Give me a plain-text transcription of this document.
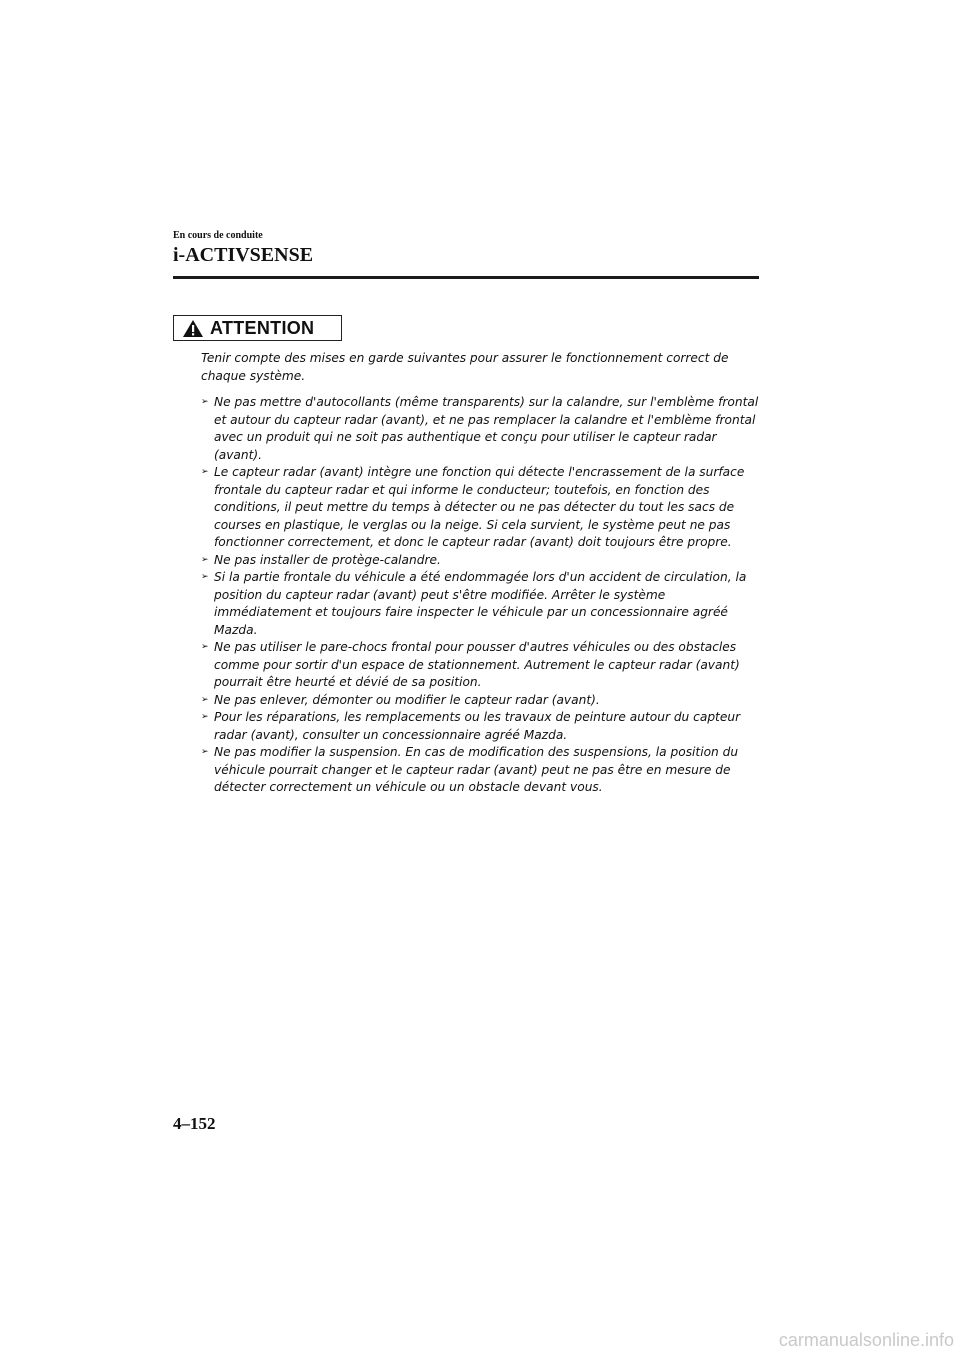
En cours de conduite
i-ACTIVSENSE
ATTENTION

Tenir compte des mises en garde suivantes pour assurer le fonctionnement correct de chaque système.

➢ Ne pas mettre d'autocollants (même transparents) sur la calandre, sur l'emblème frontal et autour du capteur radar (avant), et ne pas remplacer la calandre et l'emblème frontal avec un produit qui ne soit pas authentique et conçu pour utiliser le capteur radar (avant).
➢ Le capteur radar (avant) intègre une fonction qui détecte l'encrassement de la surface frontale du capteur radar et qui informe le conducteur; toutefois, en fonction des conditions, il peut mettre du temps à détecter ou ne pas détecter du tout les sacs de courses en plastique, le verglas ou la neige. Si cela survient, le système peut ne pas fonctionner correctement, et donc le capteur radar (avant) doit toujours être propre.
➢ Ne pas installer de protège-calandre.
➢ Si la partie frontale du véhicule a été endommagée lors d'un accident de circulation, la position du capteur radar (avant) peut s'être modifiée. Arrêter le système immédiatement et toujours faire inspecter le véhicule par un concessionnaire agréé Mazda.
➢ Ne pas utiliser le pare-chocs frontal pour pousser d'autres véhicules ou des obstacles comme pour sortir d'un espace de stationnement. Autrement le capteur radar (avant) pourrait être heurté et dévié de sa position.
➢ Ne pas enlever, démonter ou modifier le capteur radar (avant).
➢ Pour les réparations, les remplacements ou les travaux de peinture autour du capteur radar (avant), consulter un concessionnaire agréé Mazda.
➢ Ne pas modifier la suspension. En cas de modification des suspensions, la position du véhicule pourrait changer et le capteur radar (avant) peut ne pas être en mesure de détecter correctement un véhicule ou un obstacle devant vous.
4–152
carmanualsonline.info
